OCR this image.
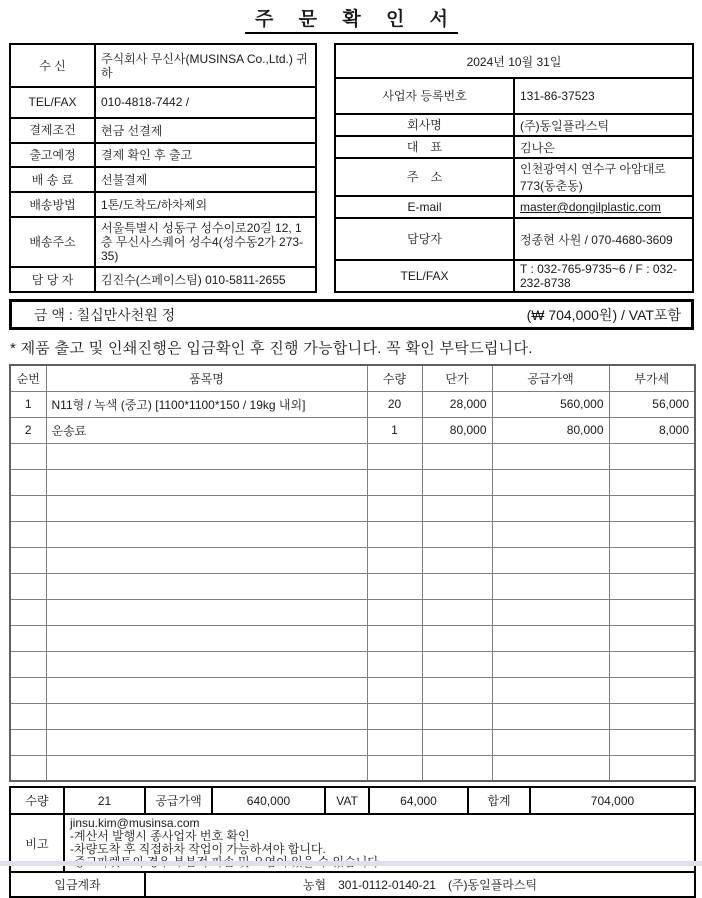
주 문 확 인 서
수 신	주식회사 무신사(MUSINSA Co.,Ltd.) 귀하
TEL/FAX	010-4818-7442 /
결제조건	현금 선결제
출고예정	결제 확인 후 출고
배 송 료	선불결제
배송방법	1톤/도착도/하차제외
배송주소	서울특별시 성동구 성수이로20길 12, 1층 무신사스퀘어 성수4(성수동2가 273-35)
담 당 자	김진수(스페이스팀) 010-5811-2655
2024년 10월 31일	
사업자 등록번호	131-86-37523
회사명	(주)동일플라스틱
대　표	김나은
주　소	인천광역시 연수구 아암대로 773(동춘동)
E-mail	master@dongilplastic.com
담당자	정종현 사원 / 070-4680-3609
TEL/FAX	T : 032-765-9735~6 / F : 032-232-8738
금 액 : 칠십만사천원 정	(₩ 704,000원) / VAT포함
* 제품 출고 및 인쇄진행은 입금확인 후 진행 가능합니다. 꼭 확인 부탁드립니다.
순번	품목명	수량	단가	공급가액	부가세
1	N11형 / 녹색 (중고) [1100*1100*150 / 19kg 내외]	20	28,000	560,000	56,000
2	운송료	1	80,000	80,000	8,000

수량	21	공급가액	640,000	VAT	64,000	합계	704,000
비고	jinsu.kim@musinsa.com
-계산서 발행시 종사업자 번호 확인
-차량도착 후 직접하차 작업이 가능하셔야 합니다.						

입금계좌		농협　301-0112-0140-21　(주)동일플라스틱					
